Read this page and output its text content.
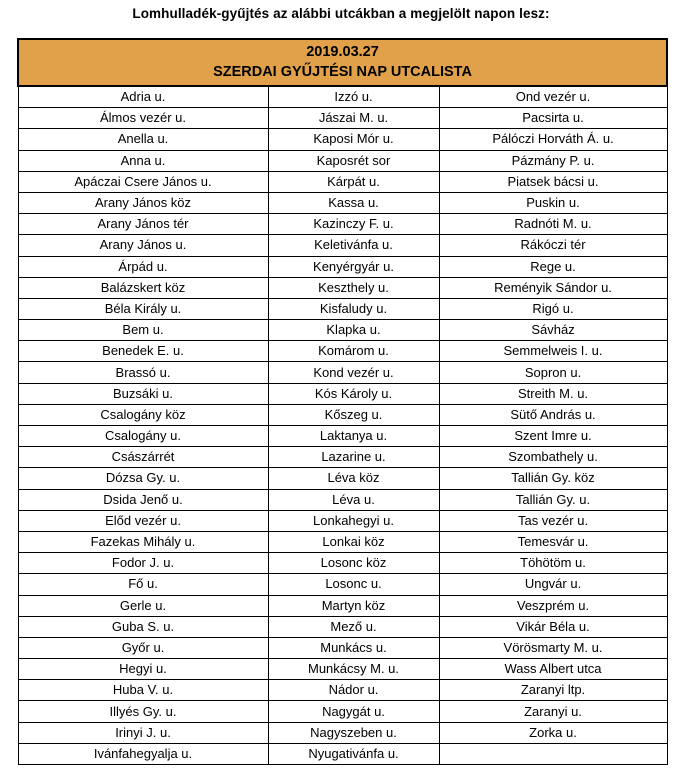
Lomhulladék-gyűjtés az alábbi utcákban a megjelölt napon lesz:
2019.03.27
SZERDAI GYŰJTÉSI NAP UTCALISTA		

Adria u.	Izzó u.	Ond vezér u.
Álmos vezér u.	Jászai M. u.	Pacsirta u.
Anella u.	Kaposi Mór u.	Pálóczi Horváth Á. u.
Anna u.	Kaposrét sor	Pázmány P. u.
Apáczai Csere János u.	Kárpát u.	Piatsek bácsi u.
Arany János köz	Kassa u.	Puskin u.
Arany János tér	Kazinczy F. u.	Radnóti M. u.
Arany János u.	Keletivánfa u.	Rákóczi tér
Árpád u.	Kenyérgyár u.	Rege u.
Balázskert köz	Keszthely u.	Reményik Sándor u.
Béla Király u.	Kisfaludy u.	Rigó u.
Bem u.	Klapka u.	Sávház
Benedek E. u.	Komárom u.	Semmelweis I. u.
Brassó u.	Kond vezér u.	Sopron u.
Buzsáki u.	Kós Károly u.	Streith M. u.
Csalogány köz	Kőszeg u.	Sütő András u.
Csalogány u.	Laktanya u.	Szent Imre u.
Császárrét	Lazarine u.	Szombathely u.
Dózsa Gy. u.	Léva köz	Tallián Gy. köz
Dsida Jenő u.	Léva u.	Tallián Gy. u.
Előd vezér u.	Lonkahegyi u.	Tas vezér u.
Fazekas Mihály u.	Lonkai köz	Temesvár u.
Fodor J. u.	Losonc köz	Töhötöm u.
Fő u.	Losonc u.	Ungvár u.
Gerle u.	Martyn köz	Veszprém u.
Guba S. u.	Mező u.	Vikár Béla u.
Győr u.	Munkács u.	Vörösmarty M. u.
Hegyi u.	Munkácsy M. u.	Wass Albert utca
Huba V. u.	Nádor u.	Zaranyi ltp.
Illyés Gy. u.	Nagygát u.	Zaranyi u.
Irinyi J. u.	Nagyszeben u.	Zorka u.
Ivánfahegyalja u.	Nyugativánfa u.	
